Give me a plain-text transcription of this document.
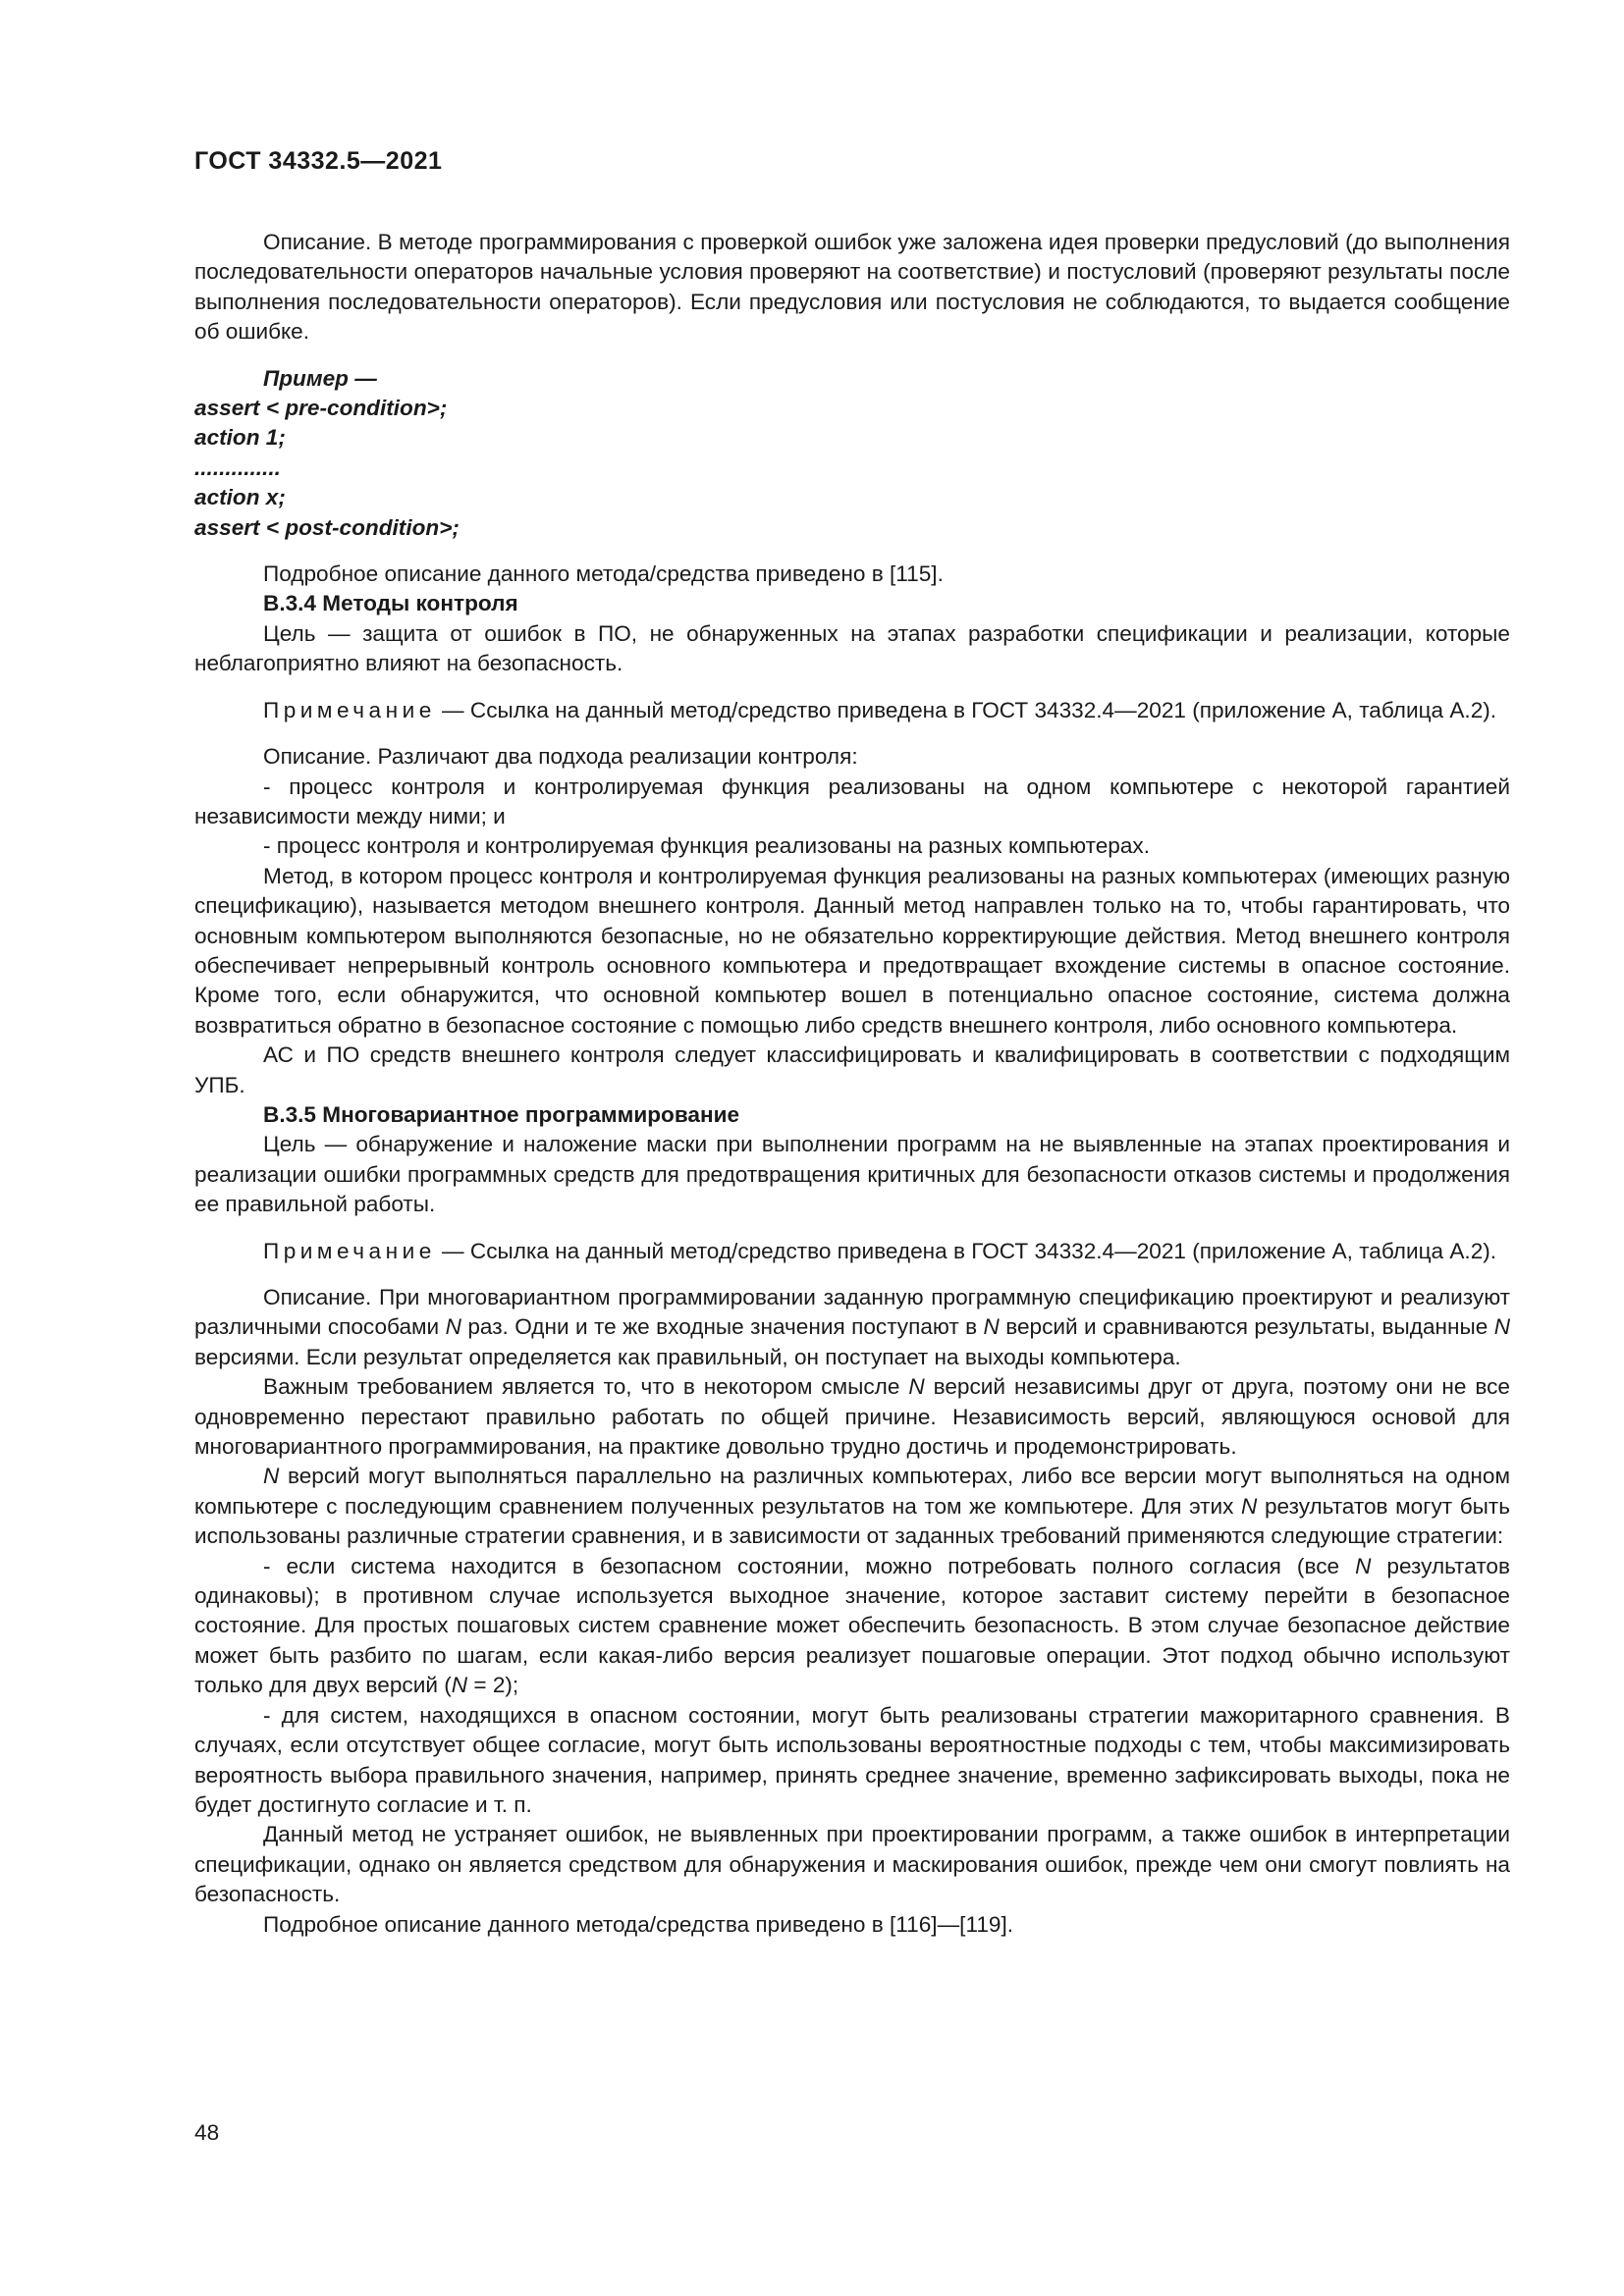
ГОСТ 34332.5—2021

Описание. В методе программирования с проверкой ошибок уже заложена идея проверки предусловий (до выполнения последовательности операторов начальные условия проверяют на соответствие) и постусловий (проверяют результаты после выполнения последовательности операторов). Если предусловия или постусловия не соблюдаются, то выдается сообщение об ошибке.

Пример —

assert < pre-condition>;

action 1;

..............

action x;

assert < post-condition>;

Подробное описание данного метода/средства приведено в [115].

В.3.4 Методы контроля

Цель — защита от ошибок в ПО, не обнаруженных на этапах разработки спецификации и реализации, которые неблагоприятно влияют на безопасность.

Примечание — Ссылка на данный метод/средство приведена в ГОСТ 34332.4—2021 (приложение А, таблица А.2).

Описание. Различают два подхода реализации контроля:

- процесс контроля и контролируемая функция реализованы на одном компьютере с некоторой гарантией независимости между ними; и

- процесс контроля и контролируемая функция реализованы на разных компьютерах.

Метод, в котором процесс контроля и контролируемая функция реализованы на разных компьютерах (имеющих разную спецификацию), называется методом внешнего контроля. Данный метод направлен только на то, чтобы гарантировать, что основным компьютером выполняются безопасные, но не обязательно корректирующие действия. Метод внешнего контроля обеспечивает непрерывный контроль основного компьютера и предотвращает вхождение системы в опасное состояние. Кроме того, если обнаружится, что основной компьютер вошел в потенциально опасное состояние, система должна возвратиться обратно в безопасное состояние с помощью либо средств внешнего контроля, либо основного компьютера.

АС и ПО средств внешнего контроля следует классифицировать и квалифицировать в соответствии с подходящим УПБ.

В.3.5 Многовариантное программирование

Цель — обнаружение и наложение маски при выполнении программ на не выявленные на этапах проектирования и реализации ошибки программных средств для предотвращения критичных для безопасности отказов системы и продолжения ее правильной работы.

Примечание — Ссылка на данный метод/средство приведена в ГОСТ 34332.4—2021 (приложение А, таблица А.2).

Описание. При многовариантном программировании заданную программную спецификацию проектируют и реализуют различными способами N раз. Одни и те же входные значения поступают в N версий и сравниваются результаты, выданные N версиями. Если результат определяется как правильный, он поступает на выходы компьютера.

Важным требованием является то, что в некотором смысле N версий независимы друг от друга, поэтому они не все одновременно перестают правильно работать по общей причине. Независимость версий, являющуюся основой для многовариантного программирования, на практике довольно трудно достичь и продемонстрировать.

N версий могут выполняться параллельно на различных компьютерах, либо все версии могут выполняться на одном компьютере с последующим сравнением полученных результатов на том же компьютере. Для этих N результатов могут быть использованы различные стратегии сравнения, и в зависимости от заданных требований применяются следующие стратегии:

- если система находится в безопасном состоянии, можно потребовать полного согласия (все N результатов одинаковы); в противном случае используется выходное значение, которое заставит систему перейти в безопасное состояние. Для простых пошаговых систем сравнение может обеспечить безопасность. В этом случае безопасное действие может быть разбито по шагам, если какая-либо версия реализует пошаговые операции. Этот подход обычно используют только для двух версий (N = 2);

- для систем, находящихся в опасном состоянии, могут быть реализованы стратегии мажоритарного сравнения. В случаях, если отсутствует общее согласие, могут быть использованы вероятностные подходы с тем, чтобы максимизировать вероятность выбора правильного значения, например, принять среднее значение, временно зафиксировать выходы, пока не будет достигнуто согласие и т. п.

Данный метод не устраняет ошибок, не выявленных при проектировании программ, а также ошибок в интерпретации спецификации, однако он является средством для обнаружения и маскирования ошибок, прежде чем они смогут повлиять на безопасность.

Подробное описание данного метода/средства приведено в [116]—[119].

48
